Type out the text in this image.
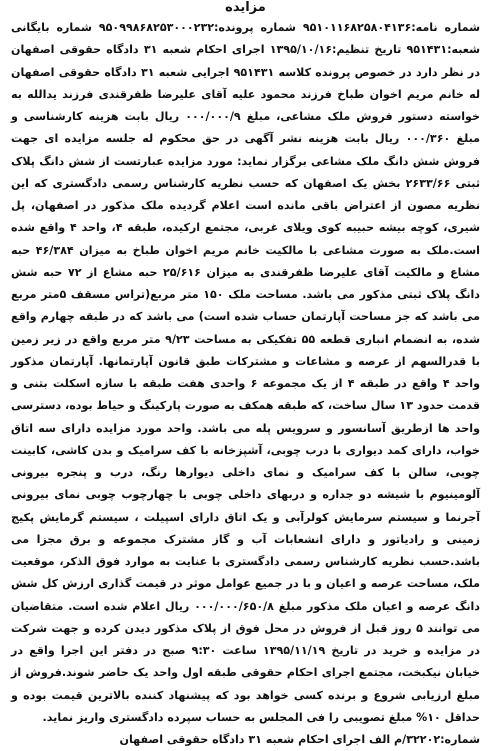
مزایده

شماره نامه:۹۵۱۰۱۱۶۸۲۵۸۰۴۱۳۶ شماره پرونده:۹۵۰۹۹۸۶۸۲۵۳۰۰۰۲۳۲ شماره بایگانی شعبه:۹۵۱۴۳۱ تاریخ تنظیم:۱۳۹۵/۱۰/۱۶ اجرای احکام شعبه ۳۱ دادگاه حقوقی اصفهان در نظر دارد در خصوص پرونده کلاسه ۹۵۱۴۳۱ اجرایی شعبه ۳۱ دادگاه حقوقی اصفهان له خانم مریم اخوان طباخ فرزند محمود علیه آقای علیرضا ظفرقندی فرزند یدالله به خواسته دستور فروش ملک مشاعی، مبلغ ۰۰۰/۰۰۰/۹ ریال بابت هزینه کارشناسی و مبلغ ۰۰۰/۳۶۰ ریال بابت هزینه نشر آگهی در حق محکوم له جلسه مزایده ای جهت فروش شش دانگ ملک مشاعی برگزار نماید: مورد مزایده عبارتست از شش دانگ پلاک ثبتی ۲۶۳۳/۶۶ بخش یک اصفهان که حسب نظریه کارشناس رسمی دادگستری که این نظریه مصون از اعتراض باقی مانده است اعلام گردیده ملک مذکور در اصفهان، پل شیری، کوچه بیشه حبیبه کوی ویلای غربی، مجتمع ارکیده، طبقه ۴، واحد ۴ واقع شده است.ملک به صورت مشاعی با مالکیت خانم مریم اخوان طباخ به میزان ۴۶/۳۸۴ حبه مشاع و مالکیت آقای علیرضا ظفرقندی به میزان ۲۵/۶۱۶ حبه مشاع از ۷۲ حبه شش دانگ پلاک ثبتی مذکور می باشد. مساحت ملک ۱۵۰ متر مربع(تراس مسقف ۵متر مربع می باشد که جز مساحت آپارتمان حساب شده است) می باشد که در طبقه چهارم واقع شده، به انضمام انباری قطعه ۵۵ تفکیکی به مساحت ۹/۲۳ متر مربع واقع در زیر زمین با قدرالسهم از عرصه و مشاعات و مشترکات طبق قانون آپارتمانها. آپارتمان مذکور واحد ۴ واقع در طبقه ۴ از یک مجموعه ۶ واحدی هفت طبقه با سازه اسکلت بتنی و قدمت حدود ۱۳ سال ساخت، که طبقه همکف به صورت پارکینگ و حیاط بوده، دسترسی واحد ها ازطریق آسانسور و سرویس پله می باشد. واحد مورد مزایده دارای سه اتاق خواب، دارای کمد دیواری با درب چوبی، آشپزخانه با کف سرامیک و بدن کاشی، کابینت چوبی، سالن با کف سرامیک و نمای داخلی دیوارها رنگ، درب و پنجره بیرونی آلومینیوم با شیشه دو جداره و دربهای داخلی چوبی با چهارچوب چوبی نمای بیرونی آجرنما و سیستم سرمایش کولرآبی و یک اتاق دارای اسپیلت ، سیستم گرمایش پکیج زمینی و رادیاتور و دارای انشعابات آب و گاز مشترک مجموعه و برق مجزا می باشد.حسب نظریه کارشناس رسمی دادگستری با عنایت به موارد فوق الذکر، موقعیت ملک، مساحت عرصه و اعیان و با در جمیع عوامل موثر در قیمت گذاری ارزش کل شش دانگ عرصه و اعیان ملک مذکور مبلغ ۰۰۰/۰۰۰/۶۵۰/۸ ریال اعلام شده است. متقاضیان می توانند ۵ روز قبل از فروش در محل فوق از پلاک مذکور دیدن کرده و جهت شرکت در مزایده و خرید در تاریخ ۱۳۹۵/۱۱/۱۹ ساعت ۹:۳۰ صبح در دفتر این اجرا واقع در خیابان نیکبخت، مجتمع اجرای احکام حقوقی طبقه اول واحد یک حاضر شوند.فروش از مبلغ ارزیابی شروع و برنده کسی خواهد بود که پیشنهاد کننده بالاترین قیمت بوده و حداقل ۱۰% مبلغ تصویبی را فی المجلس به حساب سپرده دادگستری واریز نماید.

شماره:۳۲۲۰۲/م الف اجرای احکام شعبه ۳۱ دادگاه حقوقی اصفهان
